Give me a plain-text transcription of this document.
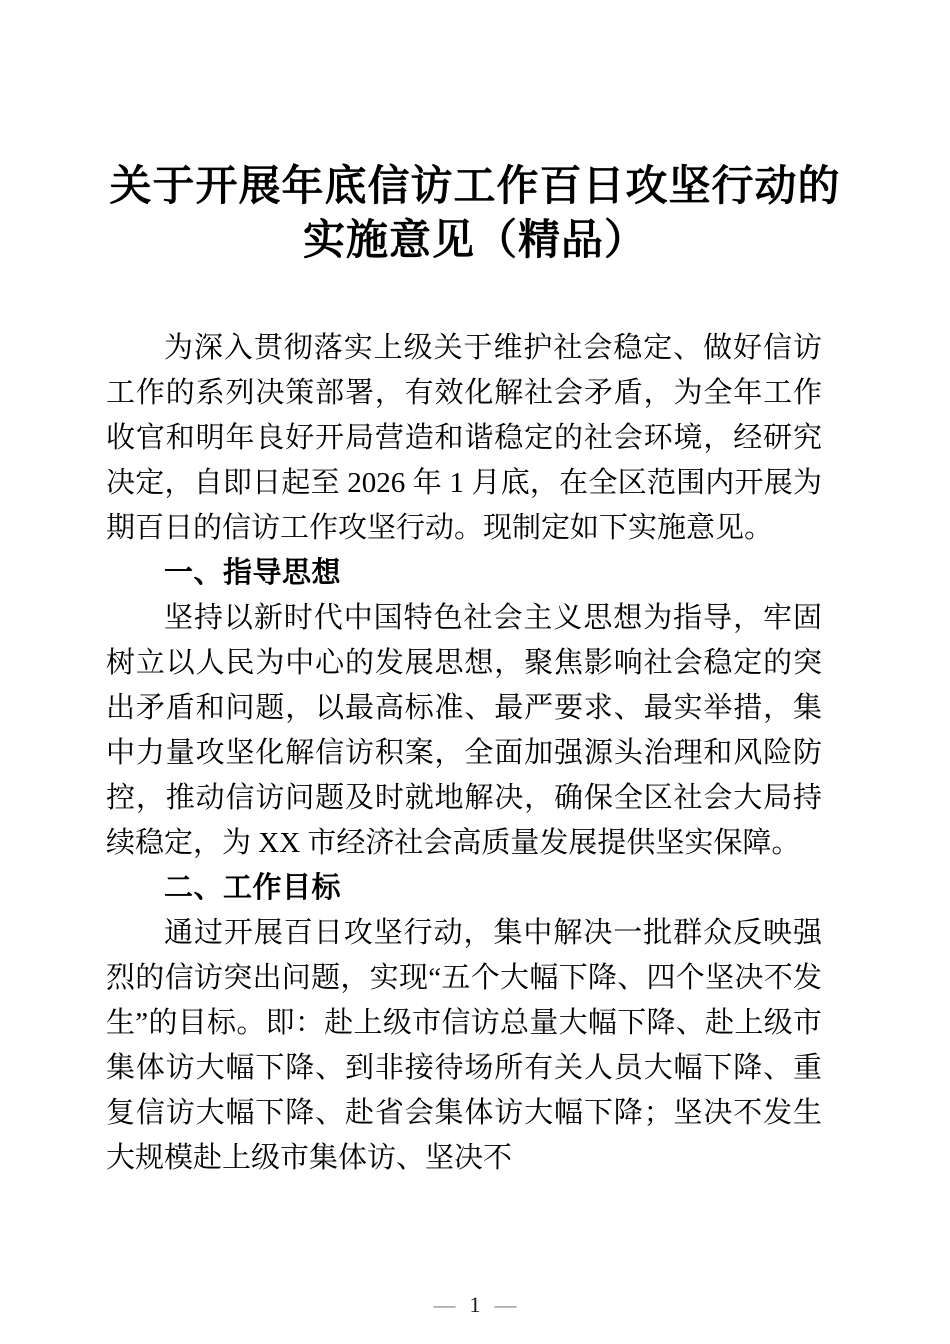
关于开展年底信访工作百日攻坚行动的
实施意见（精品）

为深入贯彻落实上级关于维护社会稳定、做好信访工作的系列决策部署，有效化解社会矛盾，为全年工作收官和明年良好开局营造和谐稳定的社会环境，经研究决定，自即日起至 2026 年 1 月底，在全区范围内开展为期百日的信访工作攻坚行动。现制定如下实施意见。

一、指导思想

坚持以新时代中国特色社会主义思想为指导，牢固树立以人民为中心的发展思想，聚焦影响社会稳定的突出矛盾和问题，以最高标准、最严要求、最实举措，集中力量攻坚化解信访积案，全面加强源头治理和风险防控，推动信访问题及时就地解决，确保全区社会大局持续稳定，为 XX 市经济社会高质量发展提供坚实保障。

二、工作目标

通过开展百日攻坚行动，集中解决一批群众反映强烈的信访突出问题，实现“五个大幅下降、四个坚决不发生”的目标。即：赴上级市信访总量大幅下降、赴上级市集体访大幅下降、到非接待场所有关人员大幅下降、重复信访大幅下降、赴省会集体访大幅下降；坚决不发生大规模赴上级市集体访、坚决不

— 1 —
